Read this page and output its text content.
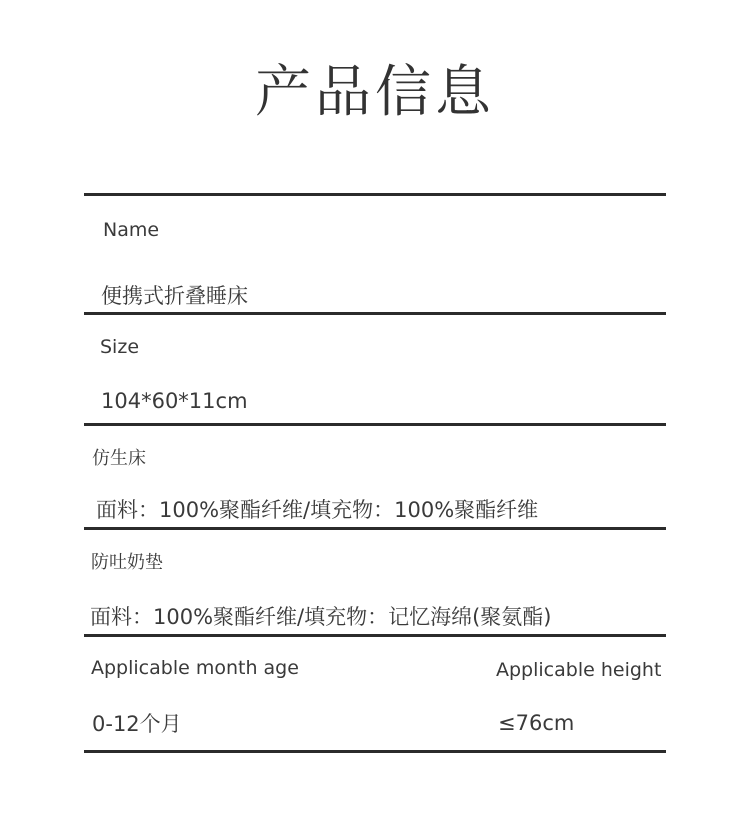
产品信息
Name
便携式折叠睡床
Size
104*60*11cm
仿生床
面料：100%聚酯纤维/填充物：100%聚酯纤维
防吐奶垫
面料：100%聚酯纤维/填充物：记忆海绵(聚氨酯)
Applicable month age
0-12个月
Applicable height
≤76cm
